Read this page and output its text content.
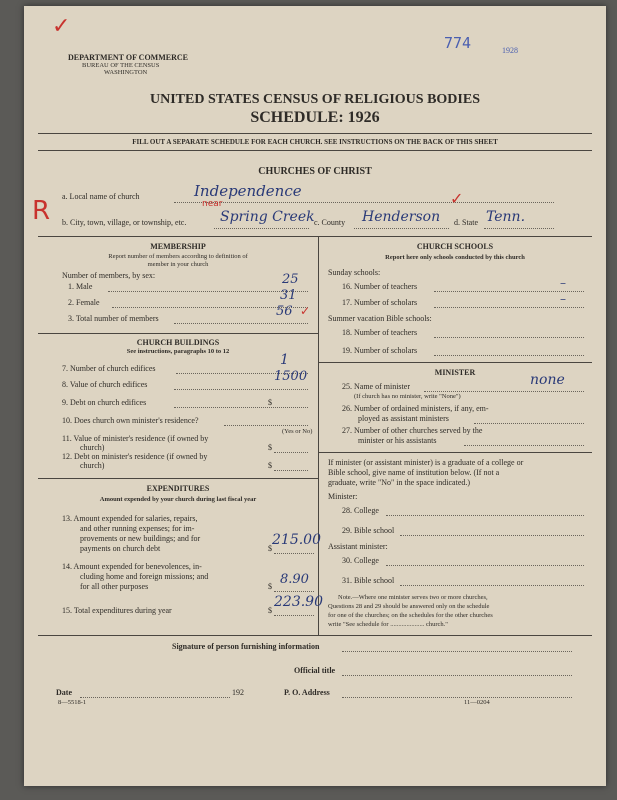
✓
DEPARTMENT OF COMMERCE
BUREAU OF THE CENSUS
WASHINGTON
774	1928
UNITED STATES CENSUS OF RELIGIOUS BODIES
SCHEDULE: 1926
FILL OUT A SEPARATE SCHEDULE FOR EACH CHURCH. SEE INSTRUCTIONS ON THE BACK OF THIS SHEET
CHURCHES OF CHRIST
a. Local name of church	Independence
R b. City, town, village, or township, etc. Spring Creek
near
c. County Henderson
✓
d. State Tenn.
MEMBERSHIP
Report number of members according to definition of
member in your church
Number of members, by sex:
1. Male	25
2. Female	31
3. Total number of members	56 ✓
CHURCH BUILDINGS
See instructions, paragraphs 10 to 12
7. Number of church edifices
1
8. Value of church edifices
1500
9. Debt on church edifices	$
10. Does church own minister's residence?
(Yes or No)
11. Value of minister's residence (if owned by
church)	$
12. Debt on minister's residence (if owned by
church)	$
EXPENDITURES
Amount expended by your church during last fiscal year
13. Amount expended for salaries, repairs,
and other running expenses; for im-
provements or new buildings; and for
payments on church debt	$
215.00
14. Amount expended for benevolences, in-
cluding home and foreign missions; and
for all other purposes	$ 8.90
15. Total expenditures during year	$
223.90
CHURCH SCHOOLS
Report here only schools conducted by this church
Sunday schools:
16. Number of teachers	–
17. Number of scholars	–
Summer vacation Bible schools:
18. Number of teachers
19. Number of scholars
MINISTER
25. Name of minister	none
(If church has no minister, write "None")
26. Number of ordained ministers, if any, em-
ployed as assistant ministers
27. Number of other churches served by the
minister or his assistants
If minister (or assistant minister) is a graduate of a college or
Bible school, give name of institution below. (If not a
graduate, write "No" in the space indicated.)
Minister:
28. College
29. Bible school
Assistant minister:
30. College
31. Bible school
Note.—Where one minister serves two or more churches,
Questions 28 and 29 should be answered only on the schedule
for one of the churches; on the schedules for the other churches
write "See schedule for ..................... church."
Signature of person furnishing information
Official title
Date	192	P. O. Address
8—5518-1	11—0204
